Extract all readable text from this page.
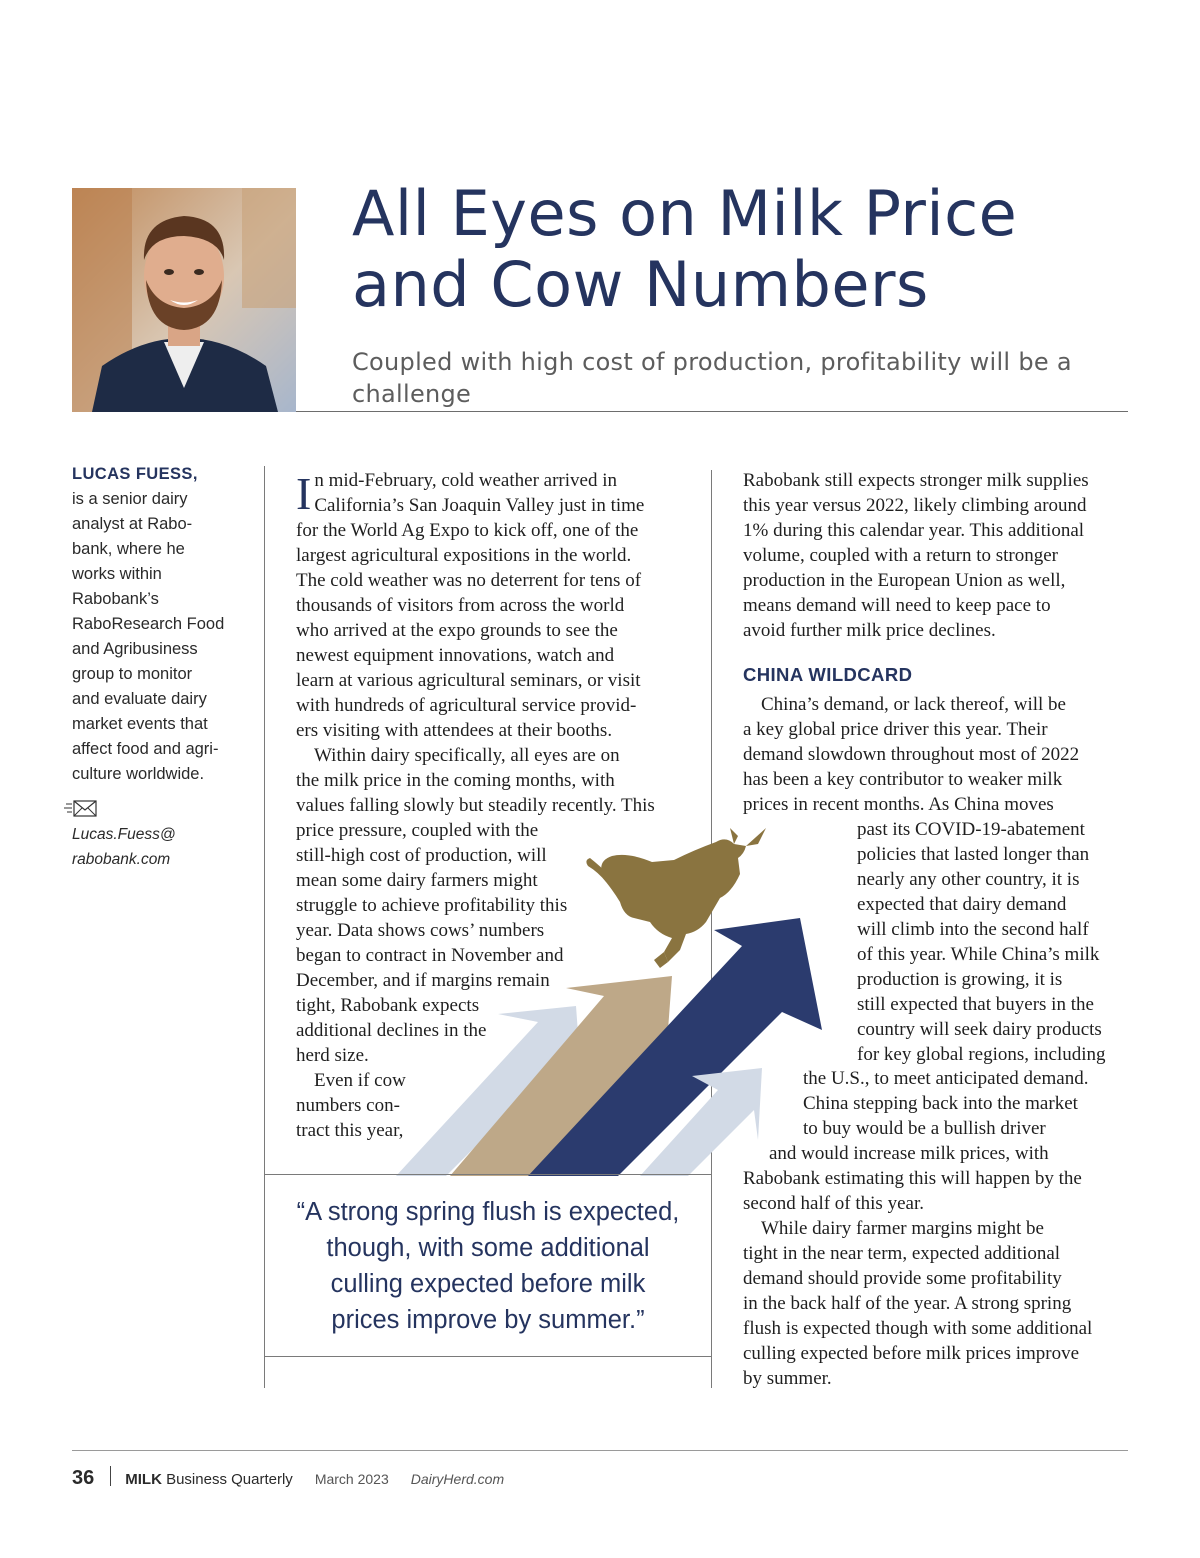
All Eyes on Milk Price
and Cow Numbers
Coupled with high cost of production, profitability will be a challenge
LUCAS FUESS,
is a senior dairy
analyst at Rabo-
bank, where he
works within
Rabobank’s
RaboResearch Food
and Agribusiness
group to monitor
and evaluate dairy
market events that
affect food and agri-
culture worldwide.
Lucas.Fuess@
rabobank.com
I n mid-February, cold weather arrived in
California’s San Joaquin Valley just in time
for the World Ag Expo to kick off, one of the
largest agricultural expositions in the world.
The cold weather was no deterrent for tens of
thousands of visitors from across the world
who arrived at the expo grounds to see the
newest equipment innovations, watch and
learn at various agricultural seminars, or visit
with hundreds of agricultural service provid-
ers visiting with attendees at their booths.
Within dairy specifically, all eyes are on
the milk price in the coming months, with
values falling slowly but steadily recently. This
price pressure, coupled with the
still-high cost of production, will
mean some dairy farmers might
struggle to achieve profitability this
year. Data shows cows’ numbers
began to contract in November and
December, and if margins remain
tight, Rabobank expects
additional declines in the
herd size.
Even if cow
numbers con-
tract this year,
Rabobank still expects stronger milk supplies
this year versus 2022, likely climbing around
1% during this calendar year. This additional
volume, coupled with a return to stronger
production in the European Union as well,
means demand will need to keep pace to
avoid further milk price declines.
CHINA WILDCARD
China’s demand, or lack thereof, will be
a key global price driver this year. Their
demand slowdown throughout most of 2022
has been a key contributor to weaker milk
prices in recent months. As China moves
past its COVID-19-abatement
policies that lasted longer than
nearly any other country, it is
expected that dairy demand
will climb into the second half
of this year. While China’s milk
production is growing, it is
still expected that buyers in the
country will seek dairy products
for key global regions, including
the U.S., to meet anticipated demand.
China stepping back into the market
to buy would be a bullish driver
and would increase milk prices, with
Rabobank estimating this will happen by the
second half of this year.
While dairy farmer margins might be
tight in the near term, expected additional
demand should provide some profitability
in the back half of the year. A strong spring
flush is expected though with some additional
culling expected before milk prices improve
by summer.
“A strong spring flush is expected,
though, with some additional
culling expected before milk
prices improve by summer.”
36 MILK Business Quarterly March 2023 DairyHerd.com
